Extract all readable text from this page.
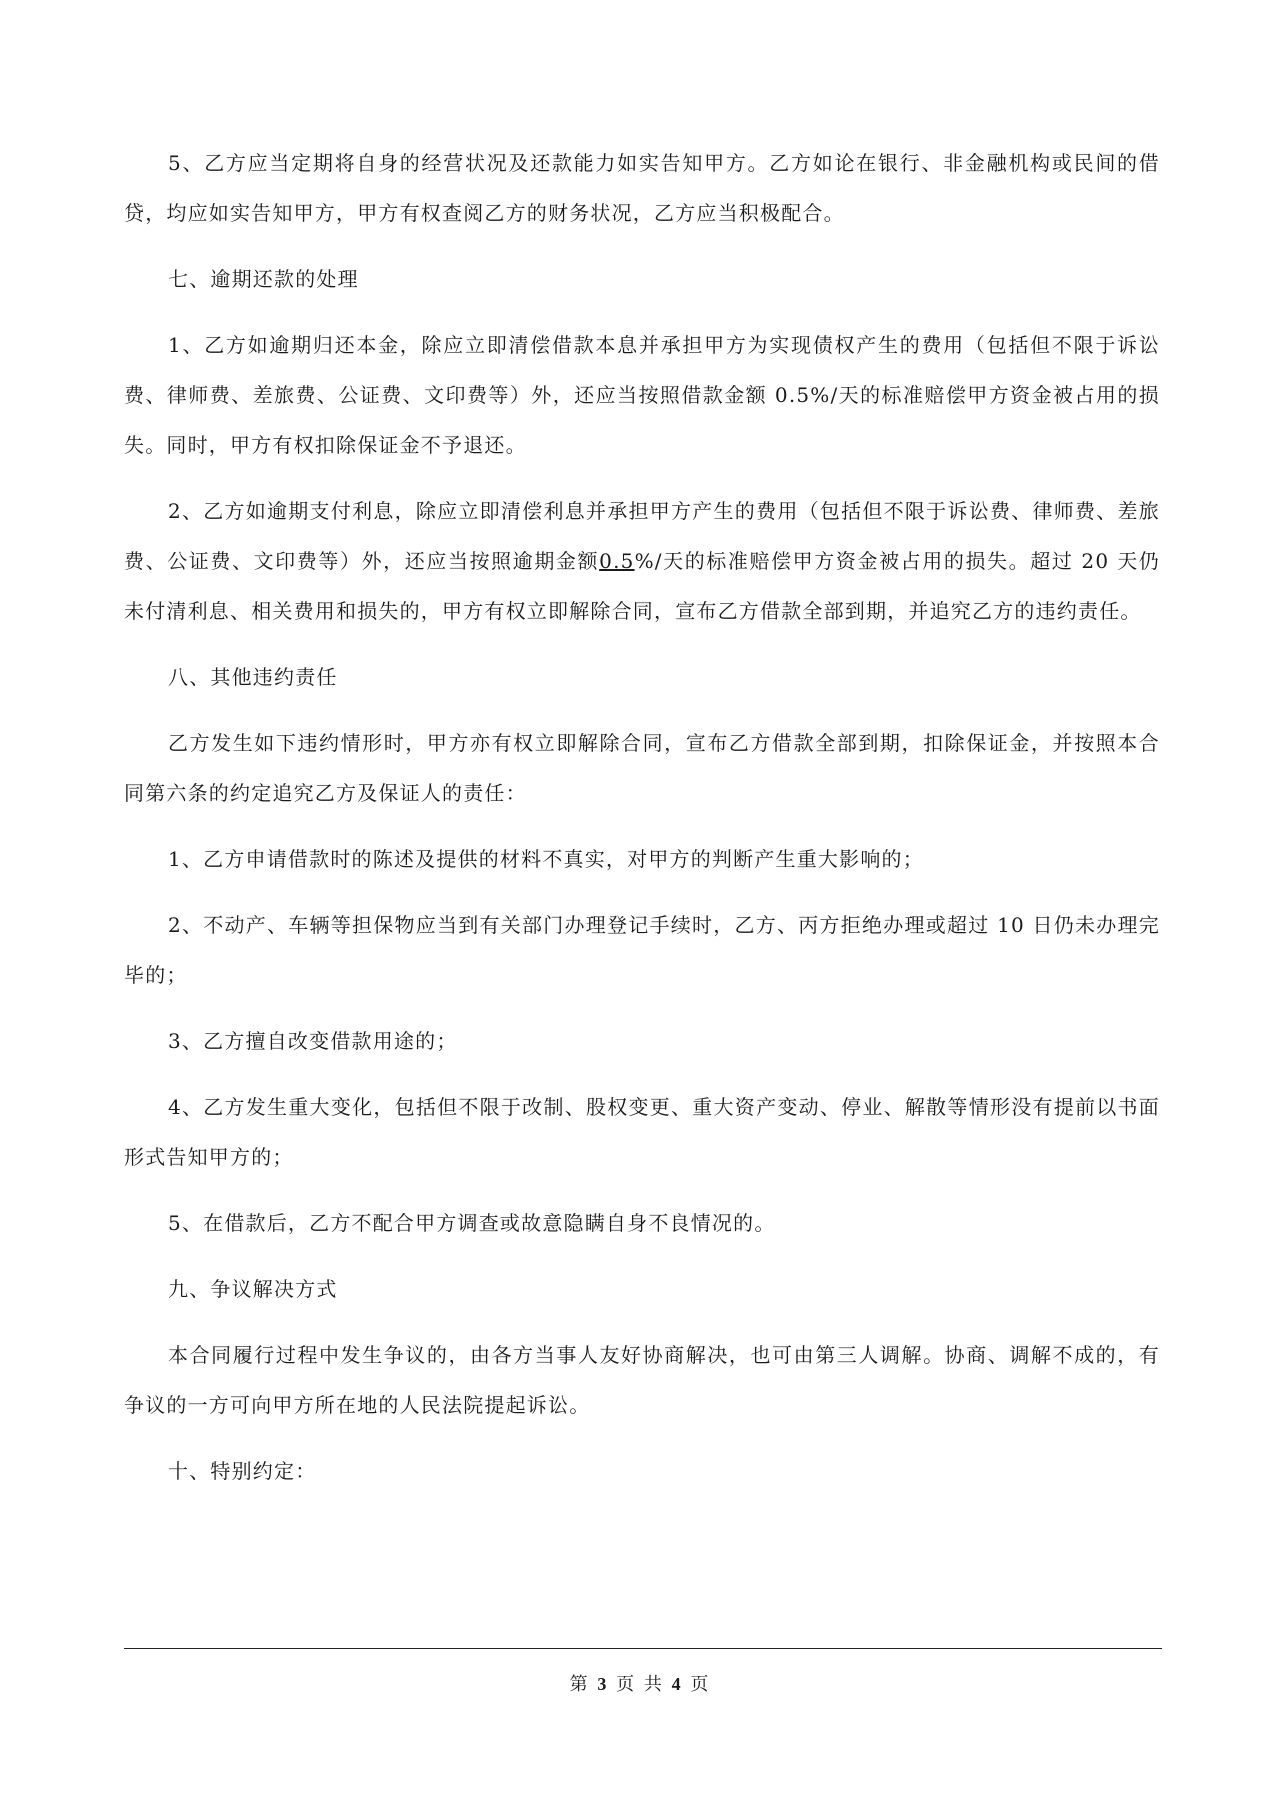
5、乙方应当定期将自身的经营状况及还款能力如实告知甲方。乙方如论在银行、非金融机构或民间的借贷，均应如实告知甲方，甲方有权查阅乙方的财务状况，乙方应当积极配合。

七、逾期还款的处理

1、乙方如逾期归还本金，除应立即清偿借款本息并承担甲方为实现债权产生的费用（包括但不限于诉讼费、律师费、差旅费、公证费、文印费等）外，还应当按照借款金额 0.5%/天的标准赔偿甲方资金被占用的损失。同时，甲方有权扣除保证金不予退还。

2、乙方如逾期支付利息，除应立即清偿利息并承担甲方产生的费用（包括但不限于诉讼费、律师费、差旅费、公证费、文印费等）外，还应当按照逾期金额0.5%/天的标准赔偿甲方资金被占用的损失。超过 20 天仍未付清利息、相关费用和损失的，甲方有权立即解除合同，宣布乙方借款全部到期，并追究乙方的违约责任。

八、其他违约责任

乙方发生如下违约情形时，甲方亦有权立即解除合同，宣布乙方借款全部到期，扣除保证金，并按照本合同第六条的约定追究乙方及保证人的责任：

1、乙方申请借款时的陈述及提供的材料不真实，对甲方的判断产生重大影响的；

2、不动产、车辆等担保物应当到有关部门办理登记手续时，乙方、丙方拒绝办理或超过 10 日仍未办理完毕的；

3、乙方擅自改变借款用途的；

4、乙方发生重大变化，包括但不限于改制、股权变更、重大资产变动、停业、解散等情形没有提前以书面形式告知甲方的；

5、在借款后，乙方不配合甲方调查或故意隐瞒自身不良情况的。

九、争议解决方式

本合同履行过程中发生争议的，由各方当事人友好协商解决，也可由第三人调解。协商、调解不成的，有争议的一方可向甲方所在地的人民法院提起诉讼。

十、特别约定：

第 3 页 共 4 页
